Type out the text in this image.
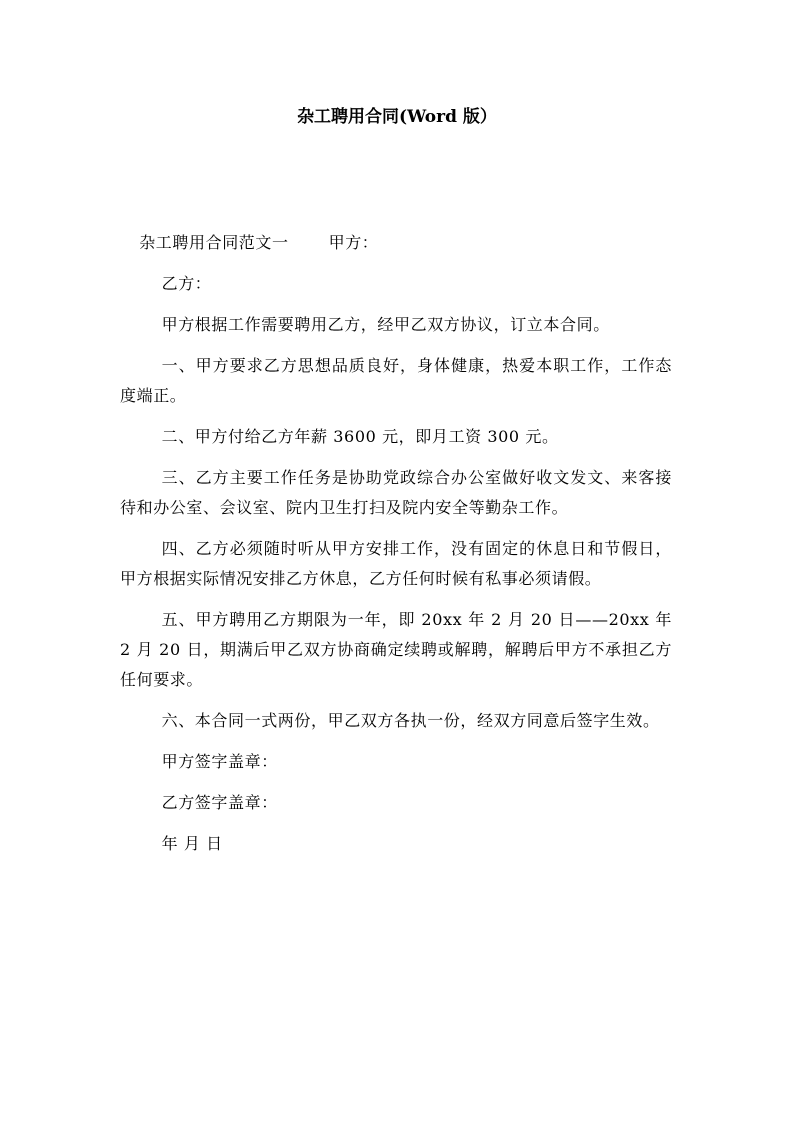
杂工聘用合同(Word 版）

杂工聘用合同范文一	甲方：

乙方：

甲方根据工作需要聘用乙方，经甲乙双方协议，订立本合同。

一、甲方要求乙方思想品质良好，身体健康，热爱本职工作，工作态度端正。

二、甲方付给乙方年薪 3600 元，即月工资 300 元。

三、乙方主要工作任务是协助党政综合办公室做好收文发文、来客接待和办公室、会议室、院内卫生打扫及院内安全等勤杂工作。

四、乙方必须随时听从甲方安排工作，没有固定的休息日和节假日，甲方根据实际情况安排乙方休息，乙方任何时候有私事必须请假。

五、甲方聘用乙方期限为一年，即 20xx 年 2 月 20 日——20xx 年 2 月 20 日，期满后甲乙双方协商确定续聘或解聘，解聘后甲方不承担乙方任何要求。

六、本合同一式两份，甲乙双方各执一份，经双方同意后签字生效。

甲方签字盖章：

乙方签字盖章：

年 月 日
